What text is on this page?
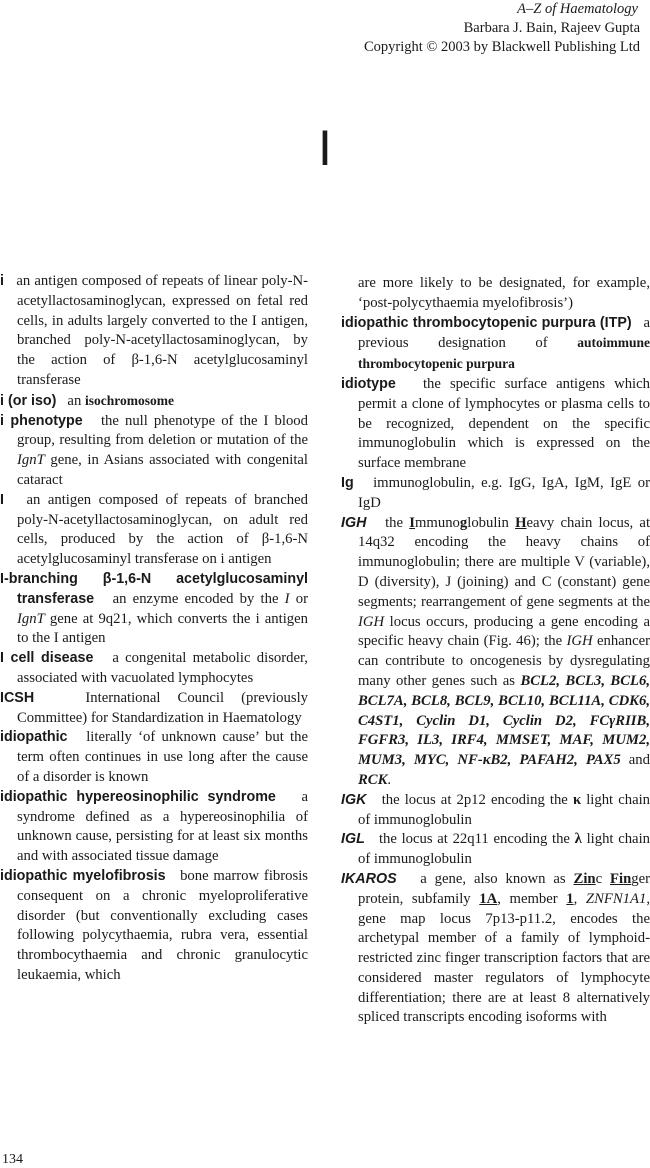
A–Z of Haematology
Barbara J. Bain, Rajeev Gupta
Copyright © 2003 by Blackwell Publishing Ltd
I

i an antigen composed of repeats of linear poly-N-acetyllactosaminoglycan, expressed on fetal red cells, in adults largely converted to the I antigen, branched poly-N-acetyllactosaminoglycan, by the action of β-1,6-N acetylglucosaminyl transferase

i (or iso) an isochromosome

i phenotype the null phenotype of the I blood group, resulting from deletion or mutation of the IgnT gene, in Asians associated with congenital cataract

I an antigen composed of repeats of branched poly-N-acetyllactosaminoglycan, on adult red cells, produced by the action of β-1,6-N acetylglucosaminyl transferase on i antigen

I-branching β-1,6-N acetylglucosaminyl transferase an enzyme encoded by the I or IgnT gene at 9q21, which converts the i antigen to the I antigen

I cell disease a congenital metabolic disorder, associated with vacuolated lymphocytes

ICSH	International Council (previously Committee) for Standardization in Haematology

idiopathic literally ‘of unknown cause’ but the term often continues in use long after the cause of a disorder is known

idiopathic hypereosinophilic syndrome a syndrome defined as a hypereosinophilia of unknown cause, persisting for at least six months and with associated tissue damage

idiopathic myelofibrosis bone marrow fibrosis consequent on a chronic myeloproliferative disorder (but conventionally excluding cases following polycythaemia, rubra vera, essential thrombocythaemia and chronic granulocytic leukaemia, which

are more likely to be designated, for example, ‘post-polycythaemia myelofibrosis’)

idiopathic thrombocytopenic purpura (ITP) a previous designation of autoimmune thrombocytopenic purpura

idiotype the specific surface antigens which permit a clone of lymphocytes or plasma cells to be recognized, dependent on the specific immunoglobulin which is expressed on the surface membrane

Ig immunoglobulin, e.g. IgG, IgA, IgM, IgE or IgD

IGH the Immunoglobulin Heavy chain locus, at 14q32 encoding the heavy chains of immunoglobulin; there are multiple V (variable), D (diversity), J (joining) and C (constant) gene segments; rearrangement of gene segments at the IGH locus occurs, producing a gene encoding a specific heavy chain (Fig. 46); the IGH enhancer can contribute to oncogenesis by dysregulating many other genes such as BCL2, BCL3, BCL6, BCL7A, BCL8, BCL9, BCL10, BCL11A, CDK6, C4ST1, Cyclin D1, Cyclin D2, FCγRIIB, FGFR3, IL3, IRF4, MMSET, MAF, MUM2, MUM3, MYC, NF-κB2, PAFAH2, PAX5 and RCK.

IGK the locus at 2p12 encoding the κ light chain of immunoglobulin

IGL the locus at 22q11 encoding the λ light chain of immunoglobulin

IKAROS a gene, also known as Zinc Finger protein, subfamily 1A, member 1, ZNFN1A1, gene map locus 7p13-p11.2, encodes the archetypal member of a family of lymphoid-restricted zinc finger transcription factors that are considered master regulators of lymphocyte differentiation; there are at least 8 alternatively spliced transcripts encoding isoforms with

134
